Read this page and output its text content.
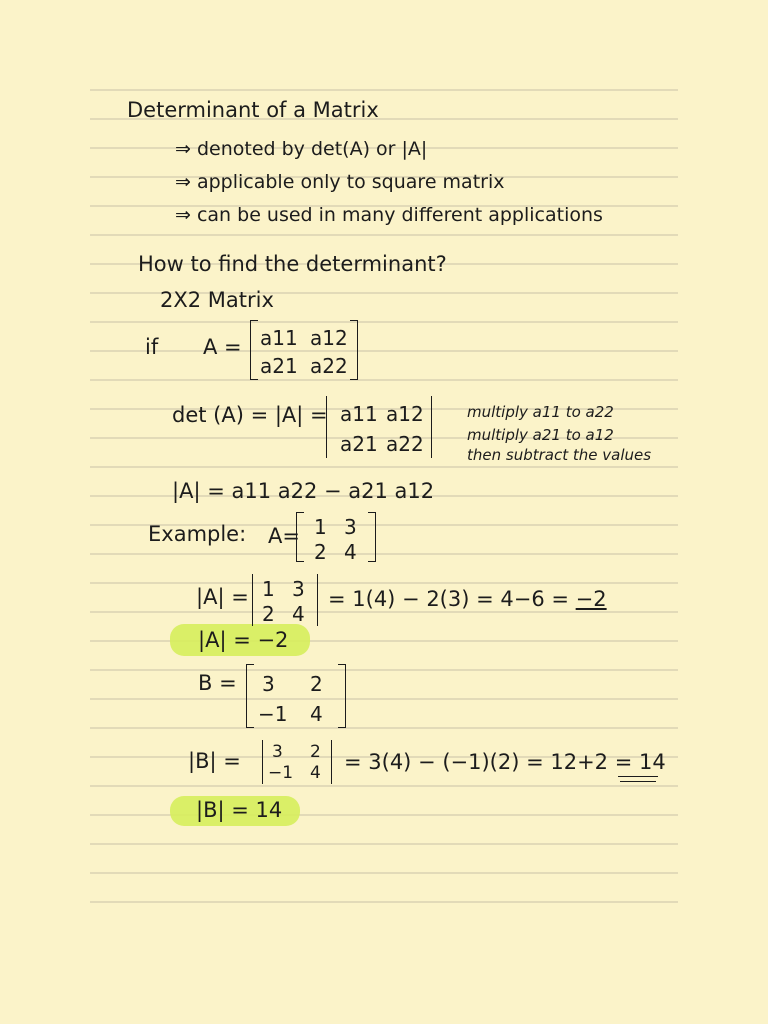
Determinant of a Matrix
⇒ denoted by det(A) or |A|
⇒ applicable only to square matrix
⇒ can be used in many different applications
How to find the determinant?
2X2 Matrix
if A = a11 a12
a21 a22
det (A) = |A| = a11 a12
a21 a22
multiply a11 to a22
multiply a21 to a12
then subtract the values
|A| = a11 a22 − a21 a12
Example: A= 1 3
2 4
|A| = 1 3
2 4
= 1(4) − 2(3) = 4−6 = −2
|A| = −2
B = 3 2
−1 4
|B| = 3 2
−1 4 = 3(4) − (−1)(2) = 12+2 = 14
|B| = 14
